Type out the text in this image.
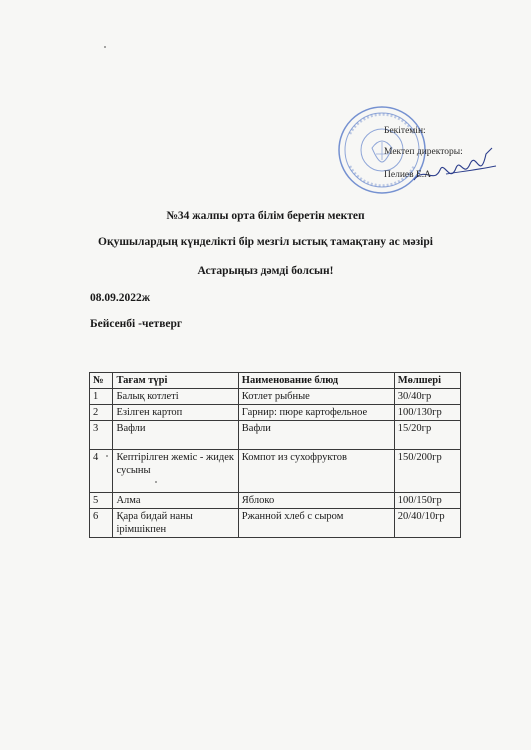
Бекітемін:
Мектеп директоры:
Пелиев Е.А
№34 жалпы орта білім беретін мектеп
Оқушылардың күнделікті бір мезгіл ыстық тамақтану ас мәзірі
Астарыңыз дәмді болсын!
08.09.2022ж
Бейсенбі -четверг
№	Тағам түрі	Наименование блюд	Мөлшері
1	Балық котлеті	Котлет рыбные	30/40гр
2	Езілген картоп	Гарнир: пюре картофельное	100/130гр
3	Вафли	Вафли	15/20гр
4	Кептірілген жеміс - жидек сусыны	Компот из сухофруктов	150/200гр
5	Алма	Яблоко	100/150гр
6	Қара бидай наны ірімшікпен	Ржанной хлеб с сыром	20/40/10гр
